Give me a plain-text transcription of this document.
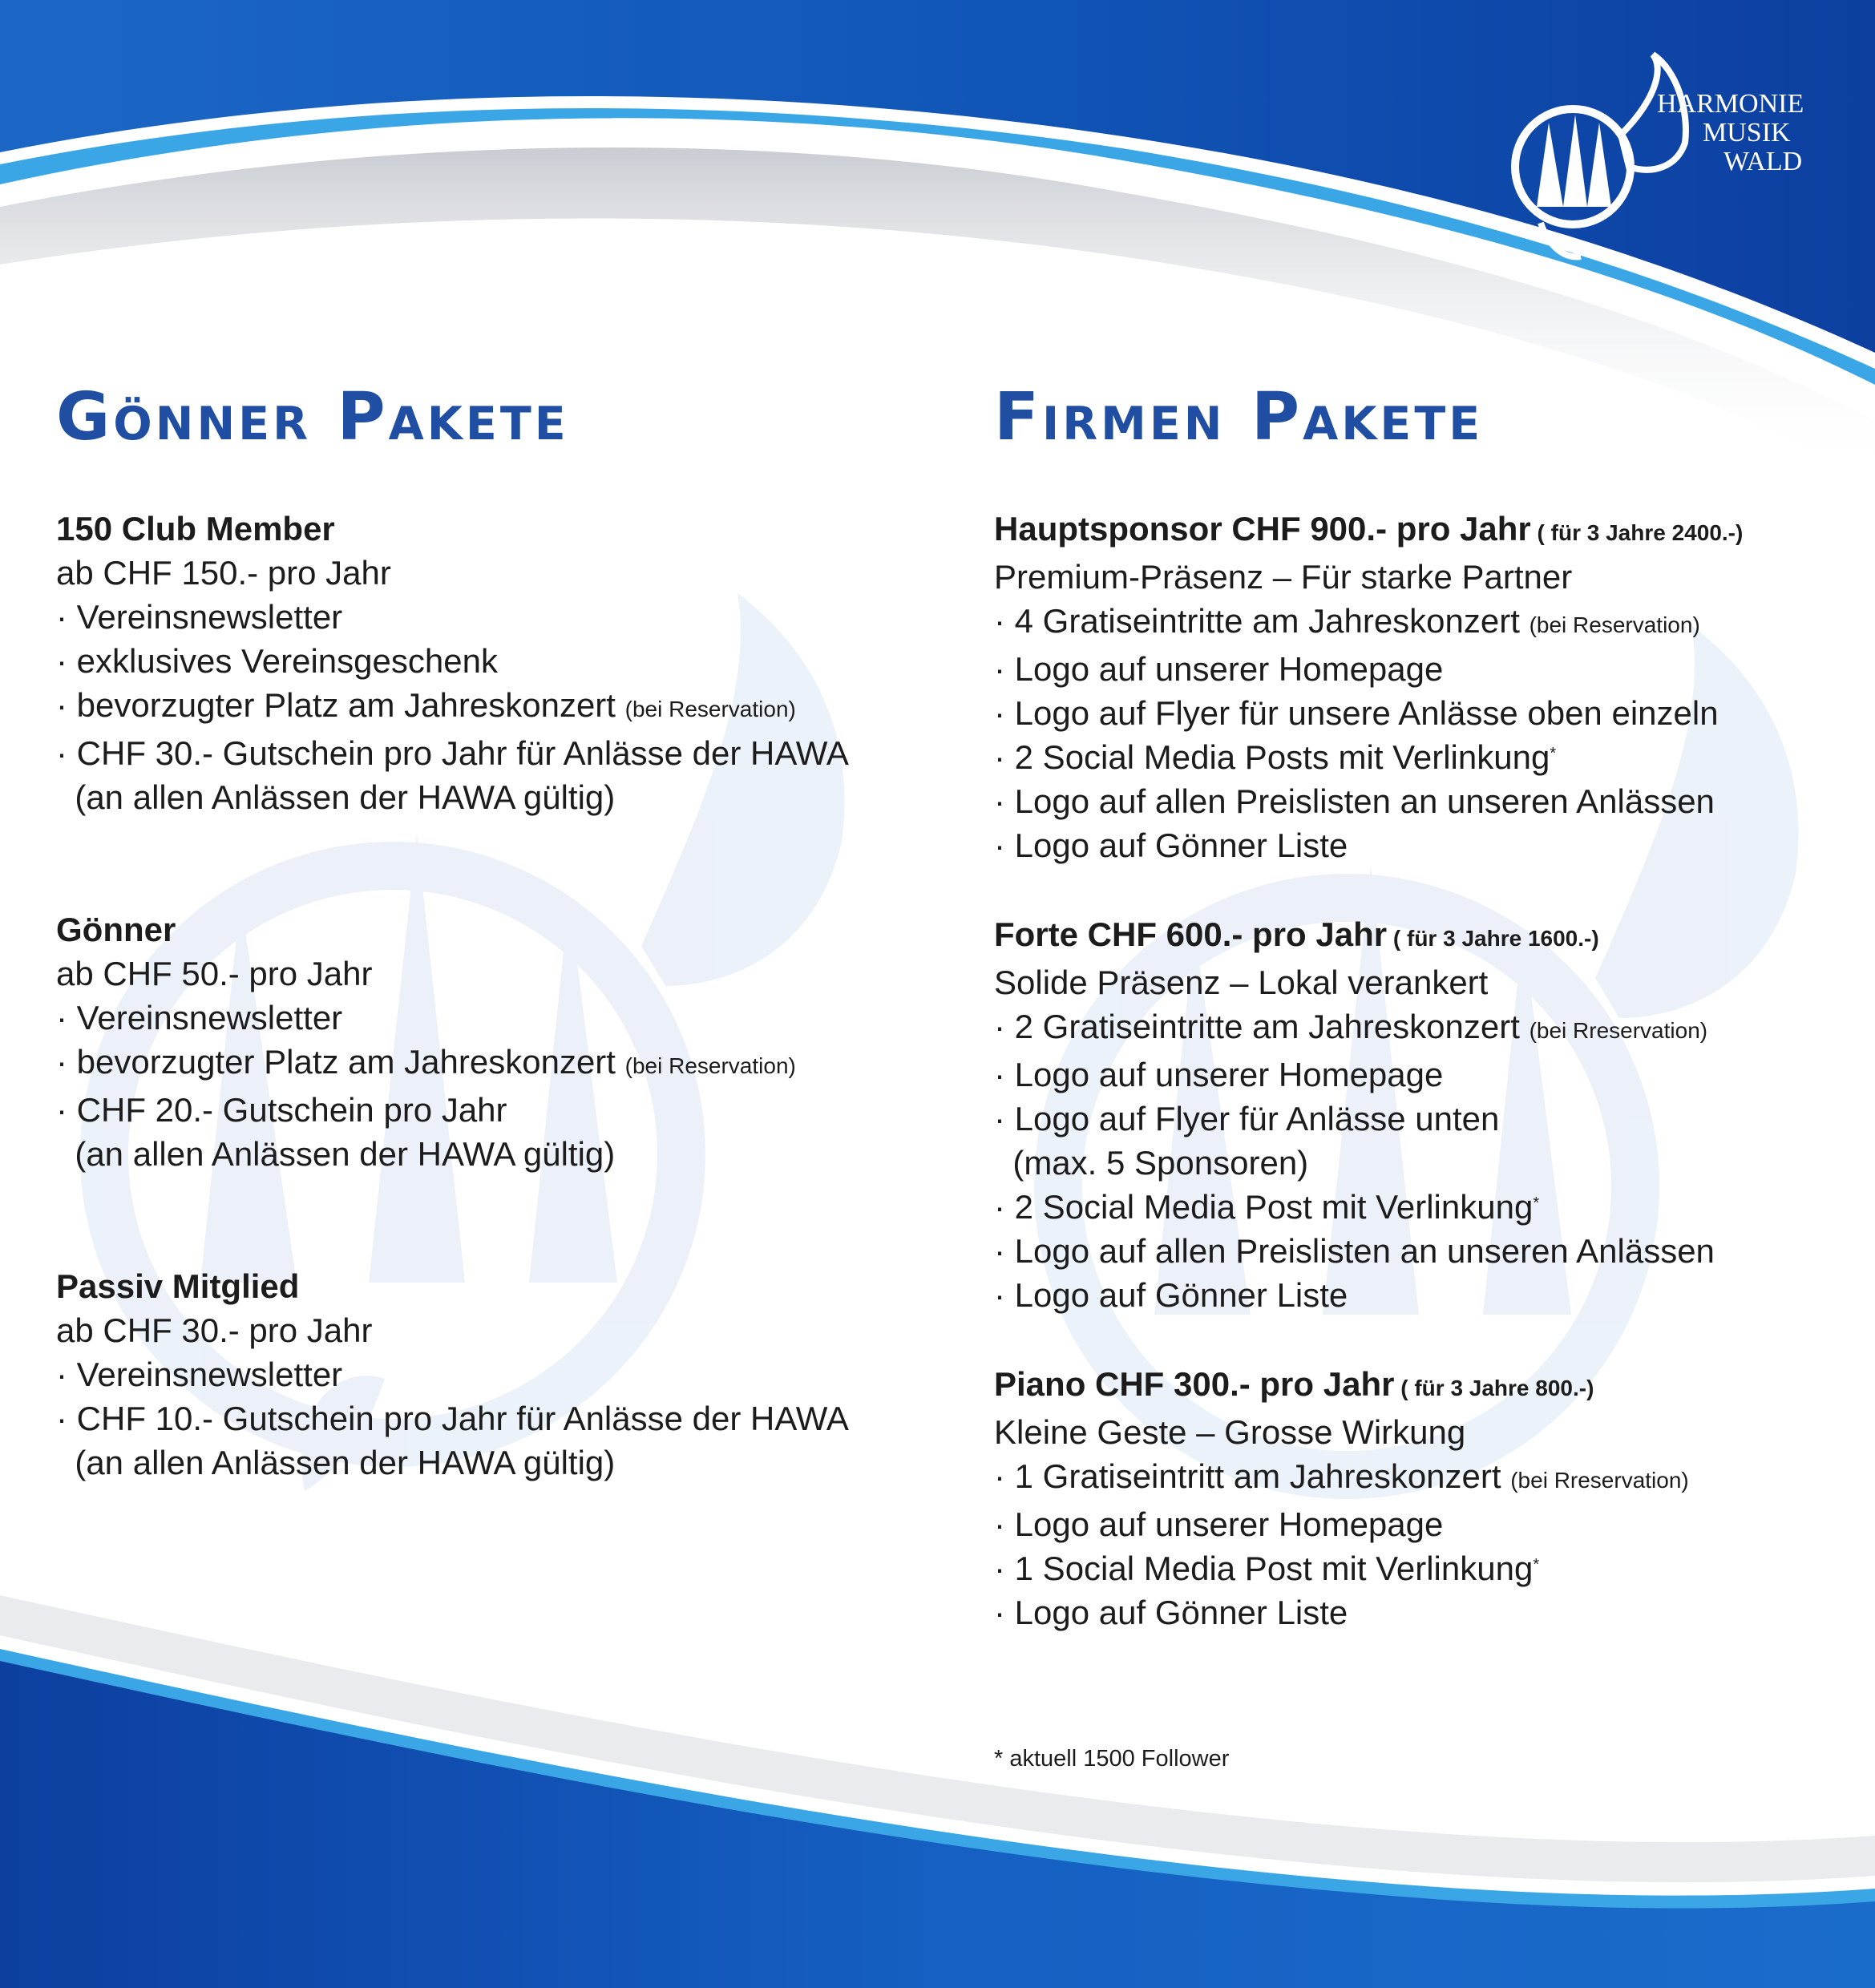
HARMONIE
MUSIK
WALD
Gönner Pakete
150 Club Member
ab CHF 150.- pro Jahr
· Vereinsnewsletter
· exklusives Vereinsgeschenk
· bevorzugter Platz am Jahreskonzert (bei Reservation)
· CHF 30.- Gutschein pro Jahr für Anlässe der HAWA
(an allen Anlässen der HAWA gültig)
Gönner
ab CHF 50.- pro Jahr
· Vereinsnewsletter
· bevorzugter Platz am Jahreskonzert (bei Reservation)
· CHF 20.- Gutschein pro Jahr
(an allen Anlässen der HAWA gültig)
Passiv Mitglied
ab CHF 30.- pro Jahr
· Vereinsnewsletter
· CHF 10.- Gutschein pro Jahr für Anlässe der HAWA
(an allen Anlässen der HAWA gültig)
Firmen Pakete
Hauptsponsor CHF 900.- pro Jahr ( für 3 Jahre 2400.-)
Premium-Präsenz – Für starke Partner
· 4 Gratiseintritte am Jahreskonzert (bei Reservation)
· Logo auf unserer Homepage
· Logo auf Flyer für unsere Anlässe oben einzeln
· 2 Social Media Posts mit Verlinkung*
· Logo auf allen Preislisten an unseren Anlässen
· Logo auf Gönner Liste
Forte CHF 600.- pro Jahr ( für 3 Jahre 1600.-)
Solide Präsenz – Lokal verankert
· 2 Gratiseintritte am Jahreskonzert (bei Rreservation)
· Logo auf unserer Homepage
· Logo auf Flyer für Anlässe unten
(max. 5 Sponsoren)
· 2 Social Media Post mit Verlinkung*
· Logo auf allen Preislisten an unseren Anlässen
· Logo auf Gönner Liste
Piano CHF 300.- pro Jahr ( für 3 Jahre 800.-)
Kleine Geste – Grosse Wirkung
· 1 Gratiseintritt am Jahreskonzert (bei Rreservation)
· Logo auf unserer Homepage
· 1 Social Media Post mit Verlinkung*
· Logo auf Gönner Liste
* aktuell 1500 Follower
